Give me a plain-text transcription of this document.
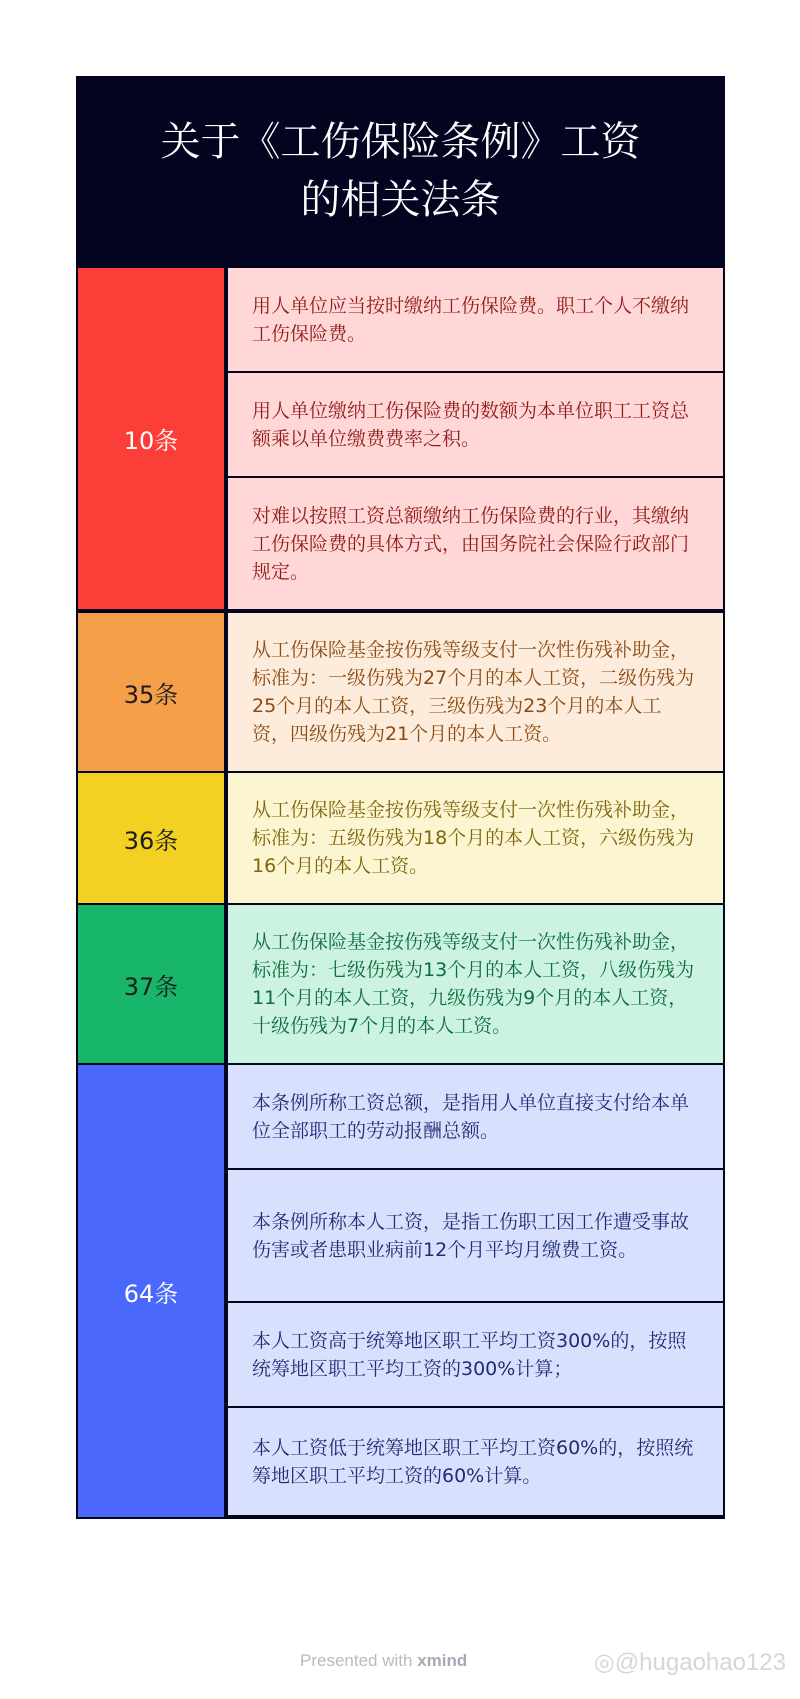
关于《工伤保险条例》工资
的相关法条
10条
用人单位应当按时缴纳工伤保险费。职工个人不缴纳工伤保险费。
用人单位缴纳工伤保险费的数额为本单位职工工资总额乘以单位缴费费率之积。
对难以按照工资总额缴纳工伤保险费的行业，其缴纳工伤保险费的具体方式，由国务院社会保险行政部门规定。
35条
从工伤保险基金按伤残等级支付一次性伤残补助金，标准为：一级伤残为27个月的本人工资，二级伤残为25个月的本人工资，三级伤残为23个月的本人工资，四级伤残为21个月的本人工资。
36条
从工伤保险基金按伤残等级支付一次性伤残补助金，标准为：五级伤残为18个月的本人工资，六级伤残为16个月的本人工资。
37条
从工伤保险基金按伤残等级支付一次性伤残补助金，标准为：七级伤残为13个月的本人工资，八级伤残为11个月的本人工资，九级伤残为9个月的本人工资，十级伤残为7个月的本人工资。
64条
本条例所称工资总额，是指用人单位直接支付给本单位全部职工的劳动报酬总额。
本条例所称本人工资，是指工伤职工因工作遭受事故伤害或者患职业病前12个月平均月缴费工资。
本人工资高于统筹地区职工平均工资300%的，按照统筹地区职工平均工资的300%计算；
本人工资低于统筹地区职工平均工资60%的，按照统筹地区职工平均工资的60%计算。
Presented with xmind	◎@hugaohao123
